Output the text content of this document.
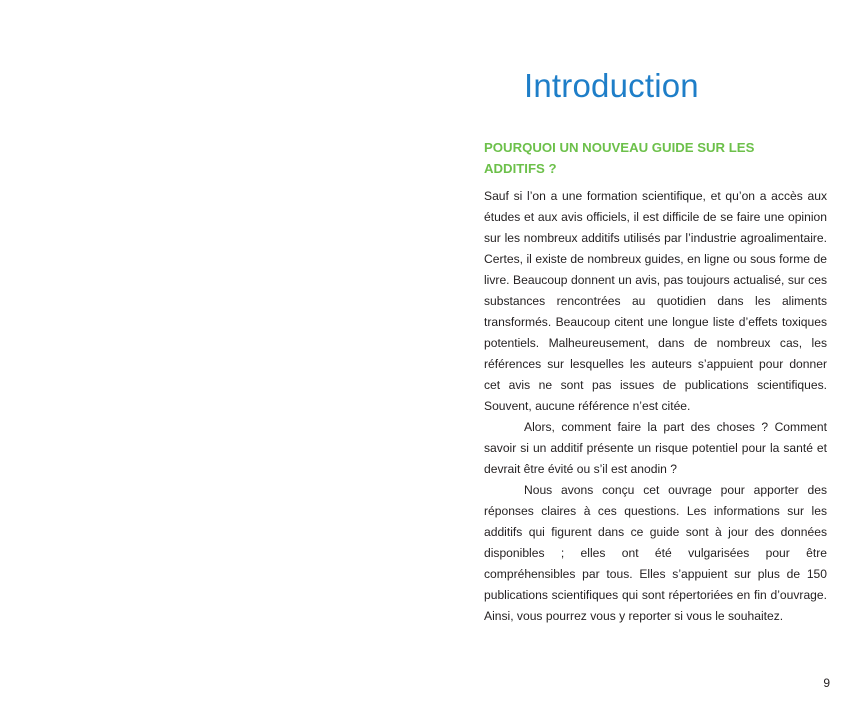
Introduction
POURQUOI UN NOUVEAU GUIDE SUR LES ADDITIFS ?

Sauf si l’on a une formation scientifique, et qu’on a accès aux études et aux avis officiels, il est difficile de se faire une opinion sur les nombreux additifs utilisés par l’industrie agroalimentaire. Certes, il existe de nombreux guides, en ligne ou sous forme de livre. Beaucoup donnent un avis, pas toujours actualisé, sur ces substances rencontrées au quotidien dans les aliments transformés. Beaucoup citent une longue liste d’effets toxiques potentiels. Malheureusement, dans de nombreux cas, les références sur lesquelles les auteurs s’appuient pour donner cet avis ne sont pas issues de publications scientifiques. Souvent, aucune référence n’est citée.

Alors, comment faire la part des choses ? Comment savoir si un additif présente un risque potentiel pour la santé et devrait être évité ou s’il est anodin ?

Nous avons conçu cet ouvrage pour apporter des réponses claires à ces questions. Les informations sur les additifs qui figurent dans ce guide sont à jour des données disponibles ; elles ont été vulgarisées pour être compréhensibles par tous. Elles s’appuient sur plus de 150 publications scientifiques qui sont répertoriées en fin d’ouvrage. Ainsi, vous pourrez vous y reporter si vous le souhaitez.

9
